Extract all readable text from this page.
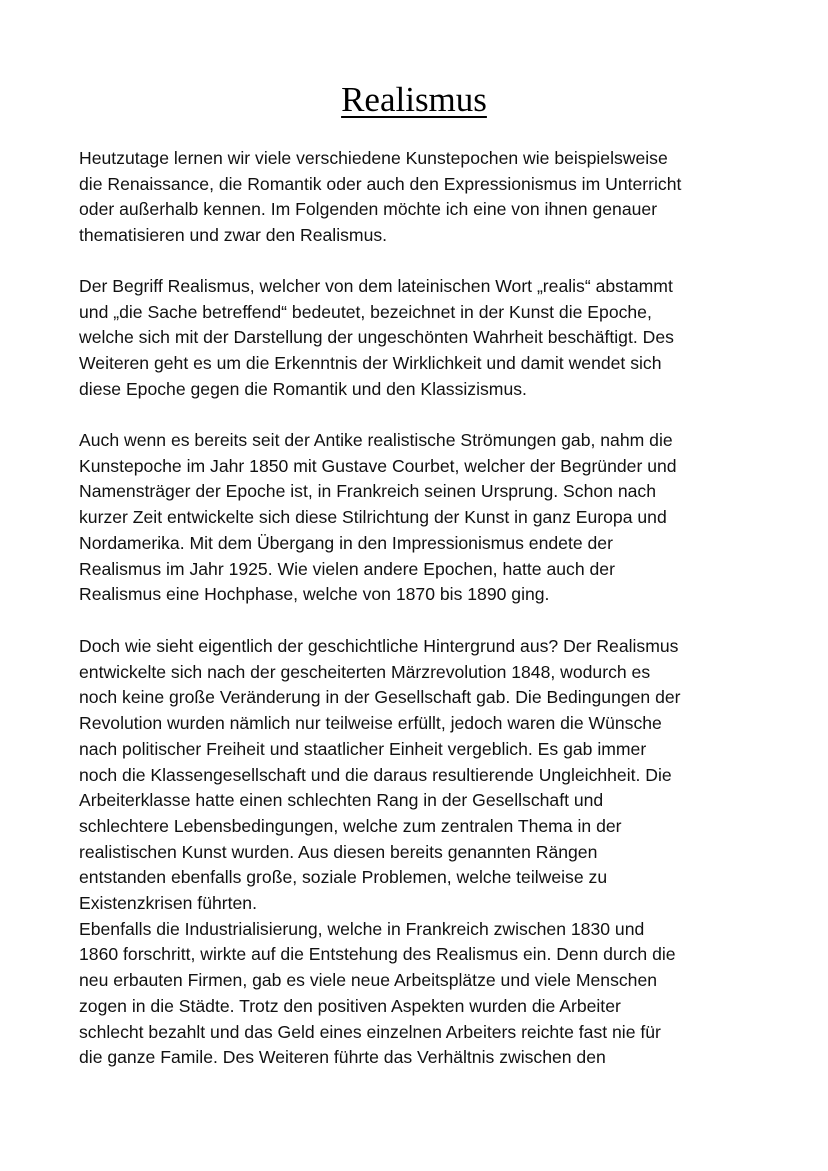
Realismus

Heutzutage lernen wir viele verschiedene Kunstepochen wie beispielsweise
die Renaissance, die Romantik oder auch den Expressionismus im Unterricht
oder außerhalb kennen. Im Folgenden möchte ich eine von ihnen genauer
thematisieren und zwar den Realismus.

Der Begriff Realismus, welcher von dem lateinischen Wort „realis“ abstammt
und „die Sache betreffend“ bedeutet, bezeichnet in der Kunst die Epoche,
welche sich mit der Darstellung der ungeschönten Wahrheit beschäftigt. Des
Weiteren geht es um die Erkenntnis der Wirklichkeit und damit wendet sich
diese Epoche gegen die Romantik und den Klassizismus.

Auch wenn es bereits seit der Antike realistische Strömungen gab, nahm die
Kunstepoche im Jahr 1850 mit Gustave Courbet, welcher der Begründer und
Namensträger der Epoche ist, in Frankreich seinen Ursprung. Schon nach
kurzer Zeit entwickelte sich diese Stilrichtung der Kunst in ganz Europa und
Nordamerika. Mit dem Übergang in den Impressionismus endete der
Realismus im Jahr 1925. Wie vielen andere Epochen, hatte auch der
Realismus eine Hochphase, welche von 1870 bis 1890 ging.

Doch wie sieht eigentlich der geschichtliche Hintergrund aus? Der Realismus
entwickelte sich nach der gescheiterten Märzrevolution 1848, wodurch es
noch keine große Veränderung in der Gesellschaft gab. Die Bedingungen der
Revolution wurden nämlich nur teilweise erfüllt, jedoch waren die Wünsche
nach politischer Freiheit und staatlicher Einheit vergeblich. Es gab immer
noch die Klassengesellschaft und die daraus resultierende Ungleichheit. Die
Arbeiterklasse hatte einen schlechten Rang in der Gesellschaft und
schlechtere Lebensbedingungen, welche zum zentralen Thema in der
realistischen Kunst wurden. Aus diesen bereits genannten Rängen
entstanden ebenfalls große, soziale Problemen, welche teilweise zu
Existenzkrisen führten.
Ebenfalls die Industrialisierung, welche in Frankreich zwischen 1830 und
1860 forschritt, wirkte auf die Entstehung des Realismus ein. Denn durch die
neu erbauten Firmen, gab es viele neue Arbeitsplätze und viele Menschen
zogen in die Städte. Trotz den positiven Aspekten wurden die Arbeiter
schlecht bezahlt und das Geld eines einzelnen Arbeiters reichte fast nie für
die ganze Famile. Des Weiteren führte das Verhältnis zwischen den
